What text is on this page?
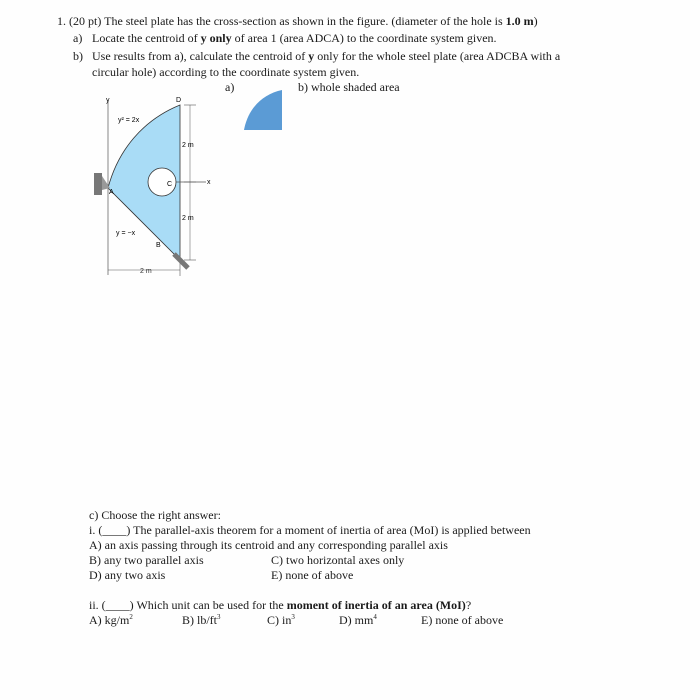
1. (20 pt) The steel plate has the cross-section as shown in the figure. (diameter of the hole is 1.0 m)
a) Locate the centroid of y only of area 1 (area ADCA) to the coordinate system given.
b) Use results from a), calculate the centroid of y only for the whole steel plate (area ADCBA with a
circular hole) according to the coordinate system given.
a)	b) whole shaded area
y	D
y² = 2x
2 m
C	x
A
2 m
y = −x
B
2 m
c) Choose the right answer:
i. (____) The parallel-axis theorem for a moment of inertia of area (MoI) is applied between
A) an axis passing through its centroid and any corresponding parallel axis
B) any two parallel axis	C) two horizontal axes only
D) any two axis	E) none of above
ii. (____) Which unit can be used for the moment of inertia of an area (MoI)?
A) $kg/m^2$	B) $lb/ft^3$	C) $in^3$	D) $mm^4$	E) none of above
